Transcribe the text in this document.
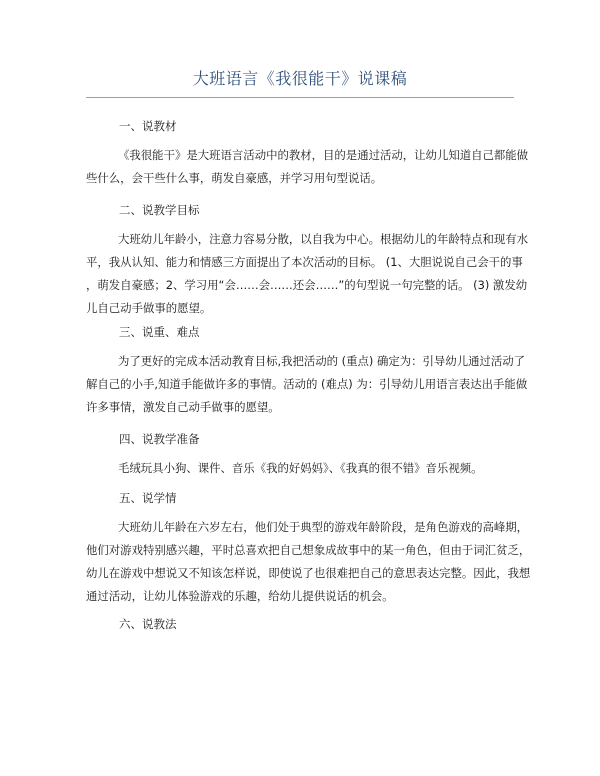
大班语言《我很能干》说课稿
一、说教材
《我很能干》是大班语言活动中的教材，目的是通过活动，让幼儿知道自己都能做
些什么，会干些什么事，萌发自豪感，并学习用句型说话。
二、说教学目标
大班幼儿年龄小，注意力容易分散，以自我为中心。根据幼儿的年龄特点和现有水
平，我从认知、能力和情感三方面提出了本次活动的目标。 (1、大胆说说自己会干的事
，萌发自豪感；2、学习用“会……会……还会……”的句型说一句完整的话。 (3) 激发幼
儿自己动手做事的愿望。
三、说重、难点
为了更好的完成本活动教育目标,我把活动的 (重点) 确定为：引导幼儿通过活动了
解自己的小手,知道手能做许多的事情。活动的 (难点) 为：引导幼儿用语言表达出手能做
许多事情，激发自己动手做事的愿望。
四、说教学准备
毛绒玩具小狗、课件、音乐《我的好妈妈》、《我真的很不错》音乐视频。
五、说学情
大班幼儿年龄在六岁左右，他们处于典型的游戏年龄阶段，是角色游戏的高峰期，
他们对游戏特别感兴趣，平时总喜欢把自己想象成故事中的某一角色，但由于词汇贫乏，
幼儿在游戏中想说又不知该怎样说，即使说了也很难把自己的意思表达完整。因此，我想
通过活动，让幼儿体验游戏的乐趣，给幼儿提供说话的机会。
六、说教法
